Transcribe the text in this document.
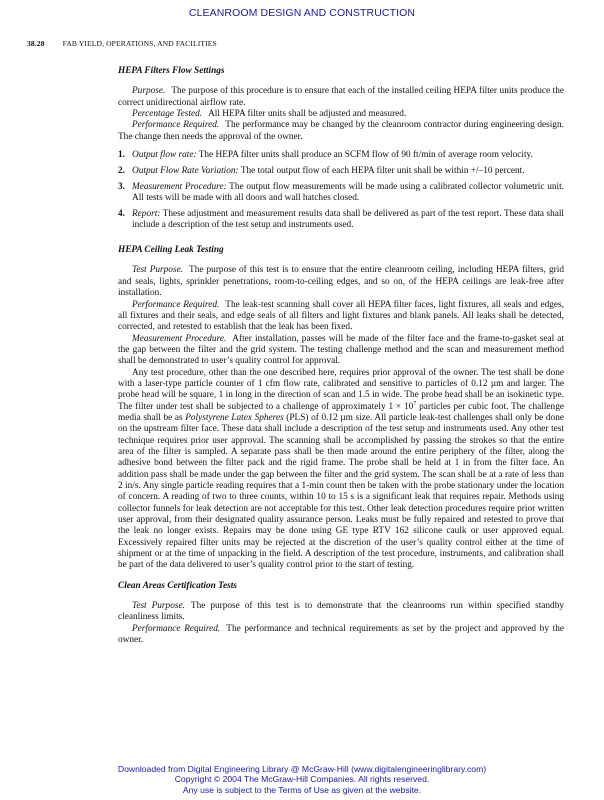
CLEANROOM DESIGN AND CONSTRUCTION
38.28 FAB YIELD, OPERATIONS, AND FACILITIES
HEPA Filters Flow Settings

Purpose. The purpose of this procedure is to ensure that each of the installed ceiling HEPA filter units produce the correct unidirectional airflow rate.

Percentage Tested. All HEPA filter units shall be adjusted and measured.

Performance Required. The performance may be changed by the cleanroom contractor during engineering design. The change then needs the approval of the owner.

1. Output flow rate: The HEPA filter units shall produce an SCFM flow of 90 ft/min of average room velocity.
2. Output Flow Rate Variation: The total output flow of each HEPA filter unit shall be within +/–10 percent.
3. Measurement Procedure: The output flow measurements will be made using a calibrated collector volumetric unit. All tests will be made with all doors and wall hatches closed.
4. Report: These adjustment and measurement results data shall be delivered as part of the test report. These data shall include a description of the test setup and instruments used.
HEPA Ceiling Leak Testing

Test Purpose. The purpose of this test is to ensure that the entire cleanroom ceiling, including HEPA filters, grid and seals, lights, sprinkler penetrations, room-to-ceiling edges, and so on, of the HEPA ceilings are leak-free after installation.

Performance Required. The leak-test scanning shall cover all HEPA filter faces, light fixtures, all seals and edges, all fixtures and their seals, and edge seals of all filters and light fixtures and blank panels. All leaks shall be detected, corrected, and retested to establish that the leak has been fixed.

Measurement Procedure. After installation, passes will be made of the filter face and the frame-to-gasket seal at the gap between the filter and the grid system. The testing challenge method and the scan and measurement method shall be demonstrated to user’s quality control for approval.

Any test procedure, other than the one described here, requires prior approval of the owner. The test shall be done with a laser-type particle counter of 1 cfm flow rate, calibrated and sensitive to particles of 0.12 µm and larger. The probe head will be square, 1 in long in the direction of scan and 1.5 in wide. The probe head shall be an isokinetic type. The filter under test shall be subjected to a challenge of approximately $1 \times 10^7$ particles per cubic foot. The challenge media shall be as Polystyrene Latex Spheres (PLS) of 0.12 µm size. All particle leak-test challenges shall only be done on the upstream filter face. These data shall include a description of the test setup and instruments used. Any other test technique requires prior user approval. The scanning shall be accomplished by passing the strokes so that the entire area of the filter is sampled. A separate pass shall be then made around the entire periphery of the filter, along the adhesive bond between the filter pack and the rigid frame. The probe shall be held at 1 in from the filter face. An addition pass shall be made under the gap between the filter and the grid system. The scan shall be at a rate of less than 2 in/s. Any single particle reading requires that a 1-min count then be taken with the probe stationary under the location of concern. A reading of two to three counts, within 10 to 15 s is a significant leak that requires repair. Methods using collector funnels for leak detection are not acceptable for this test. Other leak detection procedures require prior written user approval, from their designated quality assurance person. Leaks must be fully repaired and retested to prove that the leak no longer exists. Repairs may be done using GE type RTV 162 silicone caulk or user approved equal. Excessively repaired filter units may be rejected at the discretion of the user’s quality control either at the time of shipment or at the time of unpacking in the field. A description of the test procedure, instruments, and calibration shall be part of the data delivered to user’s quality control prior to the start of testing.

Clean Areas Certification Tests

Test Purpose. The purpose of this test is to demonstrate that the cleanrooms run within specified standby cleanliness limits.

Performance Required. The performance and technical requirements as set by the project and approved by the owner.

Downloaded from Digital Engineering Library @ McGraw-Hill (www.digitalengineeringlibrary.com)
Copyright © 2004 The McGraw-Hill Companies. All rights reserved.
Any use is subject to the Terms of Use as given at the website.
